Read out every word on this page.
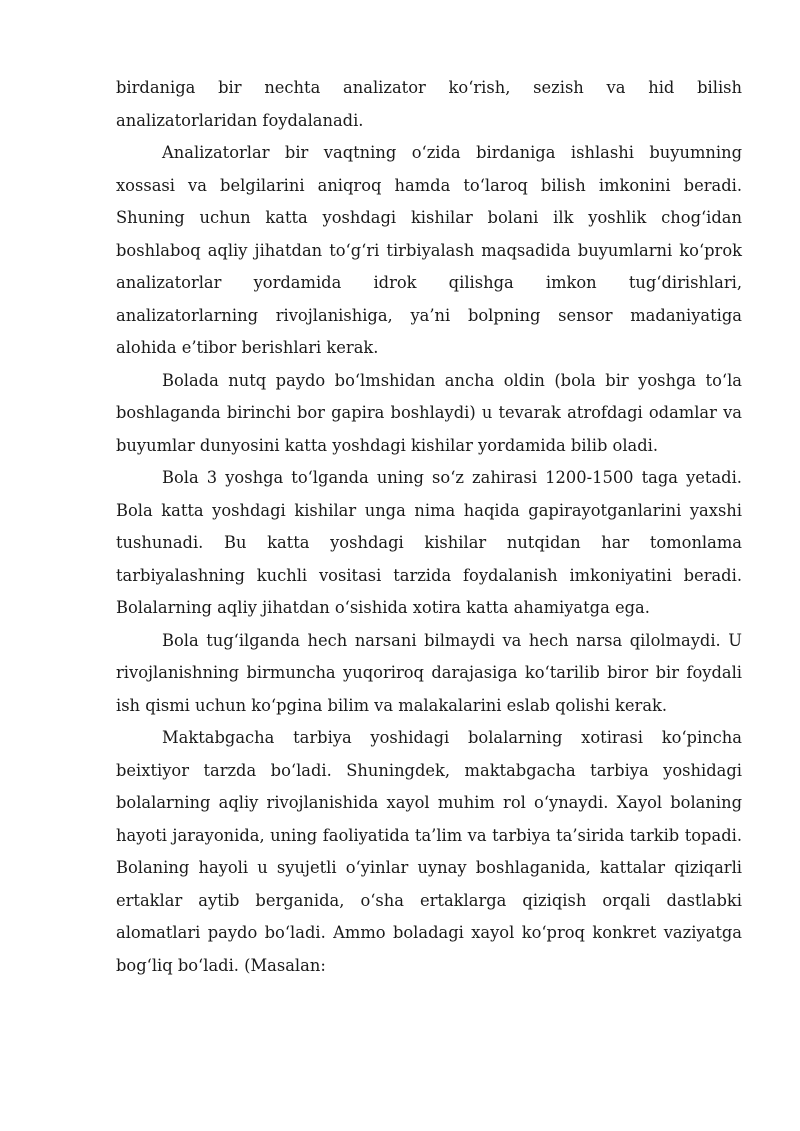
birdaniga bir nechta analizator ko‘rish, sezish va hid bilish analizatorlaridan foydalanadi.

Analizatorlar bir vaqtning o‘zida birdaniga ishlashi buyumning xossasi va belgilarini aniqroq hamda to‘laroq bilish imkonini beradi. Shuning uchun katta yoshdagi kishilar bolani ilk yoshlik chog‘idan boshlaboq aqliy jihatdan to‘g‘ri tirbiyalash maqsadida buyumlarni ko‘prok analizatorlar yordamida idrok qilishga imkon tug‘dirishlari, analizatorlarning rivojlanishiga, ya’ni bolpning sensor madaniyatiga alohida e’tibor berishlari kerak.

Bolada nutq paydo bo‘lmshidan ancha oldin (bola bir yoshga to‘la boshlaganda birinchi bor gapira boshlaydi) u tevarak atrofdagi odamlar va buyumlar dunyosini katta yoshdagi kishilar yordamida bilib oladi.

Bola 3 yoshga to‘lganda uning so‘z zahirasi 1200-1500 taga yetadi. Bola katta yoshdagi kishilar unga nima haqida gapirayotganlarini yaxshi tushunadi. Bu katta yoshdagi kishilar nutqidan har tomonlama tarbiyalashning kuchli vositasi tarzida foydalanish imkoniyatini beradi. Bolalarning aqliy jihatdan o‘sishida xotira katta ahamiyatga ega.

Bola tug‘ilganda hech narsani bilmaydi va hech narsa qilolmaydi. U rivojlanishning birmuncha yuqoriroq darajasiga ko‘tarilib biror bir foydali ish qismi uchun ko‘pgina bilim va malakalarini eslab qolishi kerak.

Maktabgacha tarbiya yoshidagi bolalarning xotirasi ko‘pincha beixtiyor tarzda bo‘ladi. Shuningdek, maktabgacha tarbiya yoshidagi bolalarning aqliy rivojlanishida xayol muhim rol o‘ynaydi. Xayol bolaning hayoti jarayonida, uning faoliyatida ta’lim va tarbiya ta’sirida tarkib topadi. Bolaning hayoli u syujetli o‘yinlar uynay boshlaganida, kattalar qiziqarli ertaklar aytib berganida, o‘sha ertaklarga qiziqish orqali dastlabki alomatlari paydo bo‘ladi. Ammo boladagi xayol ko‘proq konkret vaziyatga bog‘liq bo‘ladi. (Masalan:
